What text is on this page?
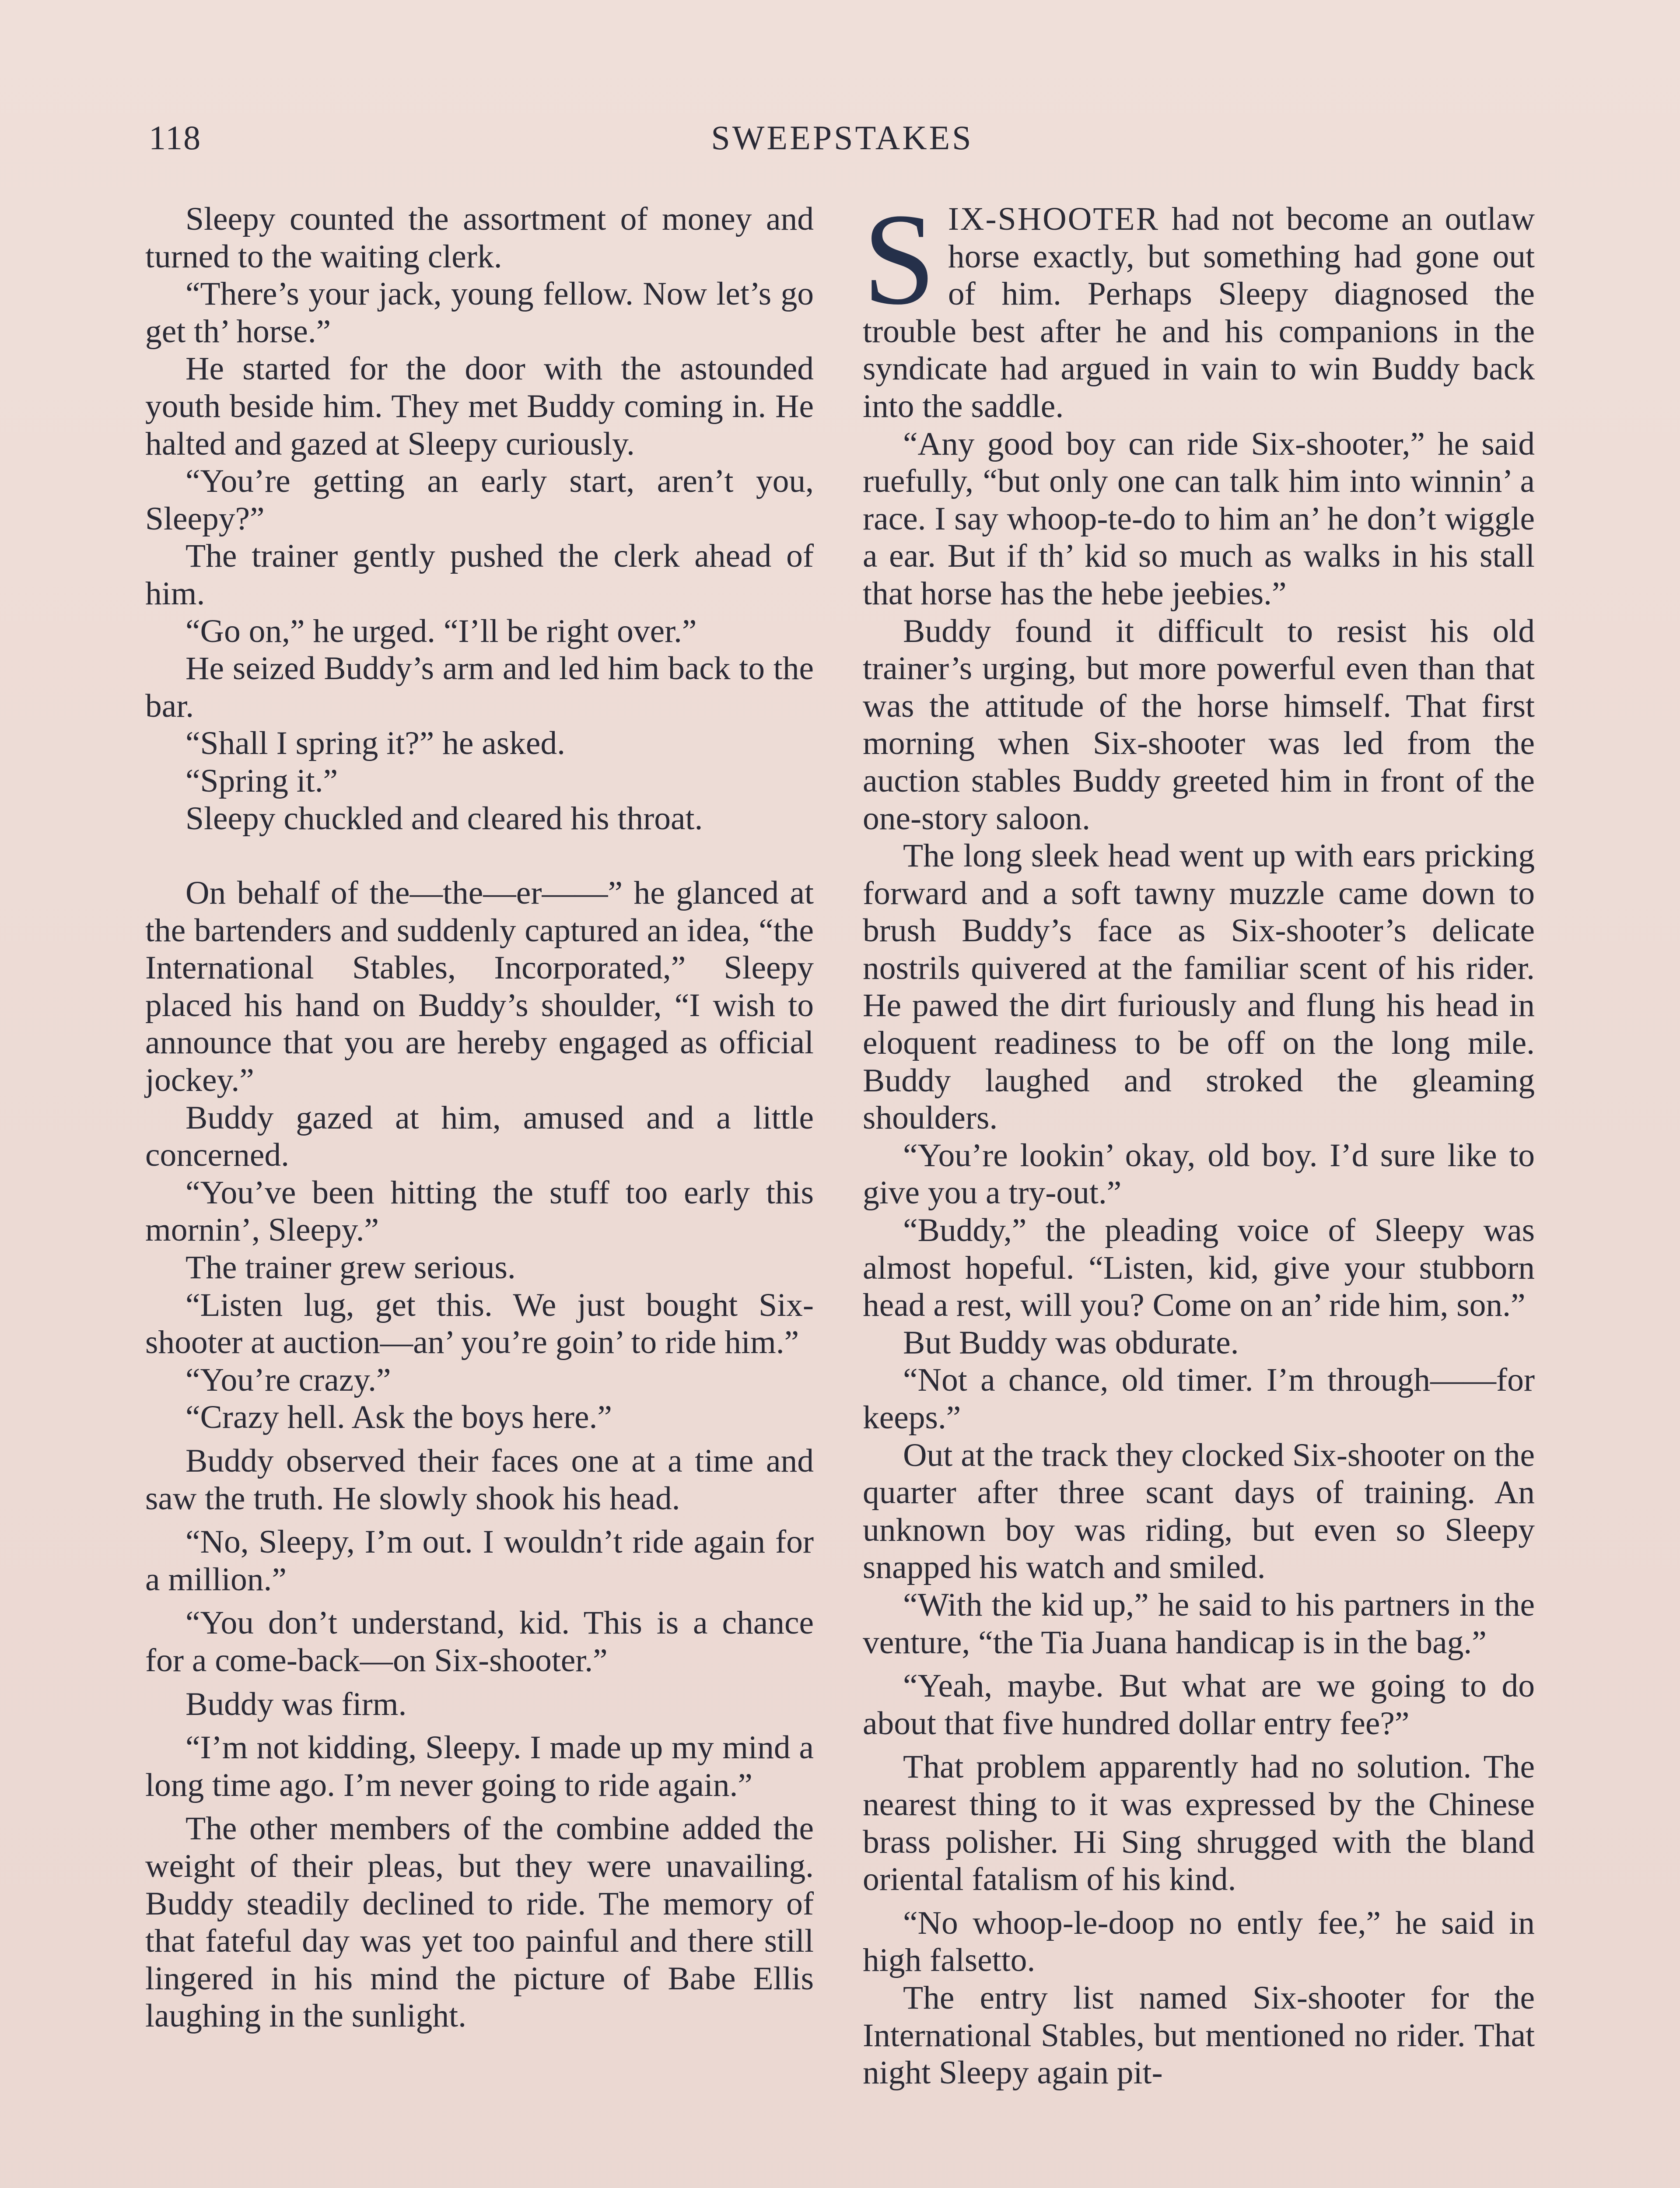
118	SWEEPSTAKES

Sleepy counted the assortment of money and turned to the waiting clerk.

“There’s your jack, young fellow. Now let’s go get th’ horse.”

He started for the door with the astounded youth beside him. They met Buddy coming in. He halted and gazed at Sleepy curiously.

“You’re getting an early start, aren’t you, Sleepy?”

The trainer gently pushed the clerk ahead of him.

“Go on,” he urged. “I’ll be right over.”

He seized Buddy’s arm and led him back to the bar.

“Shall I spring it?” he asked.

“Spring it.”

Sleepy chuckled and cleared his throat.

On behalf of the—the—er——” he glanced at the bartenders and suddenly captured an idea, “the International Stables, Incorporated,” Sleepy placed his hand on Buddy’s shoulder, “I wish to announce that you are hereby engaged as official jockey.”

Buddy gazed at him, amused and a little concerned.

“You’ve been hitting the stuff too early this mornin’, Sleepy.”

The trainer grew serious.

“Listen lug, get this. We just bought Six-shooter at auction—an’ you’re goin’ to ride him.”

“You’re crazy.”

“Crazy hell. Ask the boys here.”

Buddy observed their faces one at a time and saw the truth. He slowly shook his head.

“No, Sleepy, I’m out. I wouldn’t ride again for a million.”

“You don’t understand, kid. This is a chance for a come-back—on Six-shooter.”

Buddy was firm.

“I’m not kidding, Sleepy. I made up my mind a long time ago. I’m never going to ride again.”

The other members of the combine added the weight of their pleas, but they were unavailing. Buddy steadily declined to ride. The memory of that fateful day was yet too painful and there still lingered in his mind the picture of Babe Ellis laughing in the sunlight.

SIX-SHOOTER had not become an outlaw horse exactly, but something had gone out of him. Perhaps Sleepy diagnosed the trouble best after he and his companions in the syndicate had argued in vain to win Buddy back into the saddle.

“Any good boy can ride Six-shooter,” he said ruefully, “but only one can talk him into winnin’ a race. I say whoop-te-do to him an’ he don’t wiggle a ear. But if th’ kid so much as walks in his stall that horse has the hebe jeebies.”

Buddy found it difficult to resist his old trainer’s urging, but more powerful even than that was the attitude of the horse himself. That first morning when Six-shooter was led from the auction stables Buddy greeted him in front of the one-story saloon.

The long sleek head went up with ears pricking forward and a soft tawny muzzle came down to brush Buddy’s face as Six-shooter’s delicate nostrils quivered at the familiar scent of his rider. He pawed the dirt furiously and flung his head in eloquent readiness to be off on the long mile. Buddy laughed and stroked the gleaming shoulders.

“You’re lookin’ okay, old boy. I’d sure like to give you a try-out.”

“Buddy,” the pleading voice of Sleepy was almost hopeful. “Listen, kid, give your stubborn head a rest, will you? Come on an’ ride him, son.”

But Buddy was obdurate.

“Not a chance, old timer. I’m through——for keeps.”

Out at the track they clocked Six-shooter on the quarter after three scant days of training. An unknown boy was riding, but even so Sleepy snapped his watch and smiled.

“With the kid up,” he said to his partners in the venture, “the Tia Juana handicap is in the bag.”

“Yeah, maybe. But what are we going to do about that five hundred dollar entry fee?”

That problem apparently had no solution. The nearest thing to it was expressed by the Chinese brass polisher. Hi Sing shrugged with the bland oriental fatalism of his kind.

“No whoop-le-doop no ently fee,” he said in high falsetto.

The entry list named Six-shooter for the International Stables, but mentioned no rider. That night Sleepy again pit-
